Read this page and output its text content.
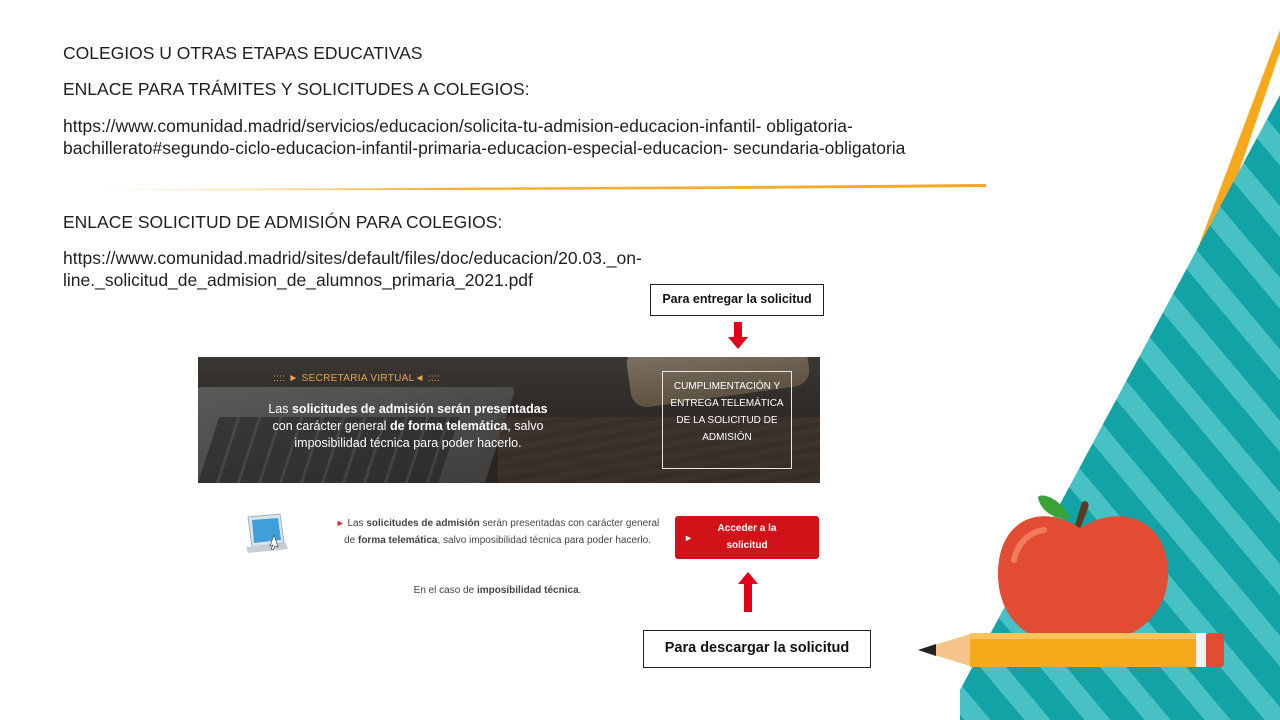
COLEGIOS U OTRAS ETAPAS EDUCATIVAS
ENLACE PARA TRÁMITES Y SOLICITUDES A COLEGIOS:
https://www.comunidad.madrid/servicios/educacion/solicita-tu-admision-educacion-infantil- obligatoria-
bachillerato#segundo-ciclo-educacion-infantil-primaria-educacion-especial-educacion- secundaria-obligatoria
ENLACE SOLICITUD DE ADMISIÓN PARA COLEGIOS:
https://www.comunidad.madrid/sites/default/files/doc/educacion/20.03._on-
line._solicitud_de_admision_de_alumnos_primaria_2021.pdf
Para entregar la solicitud
:::: ► SECRETARIA VIRTUAL◄ ::::
Las solicitudes de admisión serán presentadas con carácter general de forma telemática, salvo imposibilidad técnica para poder hacerlo.
CUMPLIMENTACIÓN Y ENTREGA TELEMÁTICA DE LA SOLICITUD DE ADMISIÓN
► Las solicitudes de admisión serán presentadas con carácter general de forma telemática, salvo imposibilidad técnica para poder hacerlo.
En el caso de imposibilidad técnica.
►
Acceder a la
solicitud
Para descargar la solicitud
